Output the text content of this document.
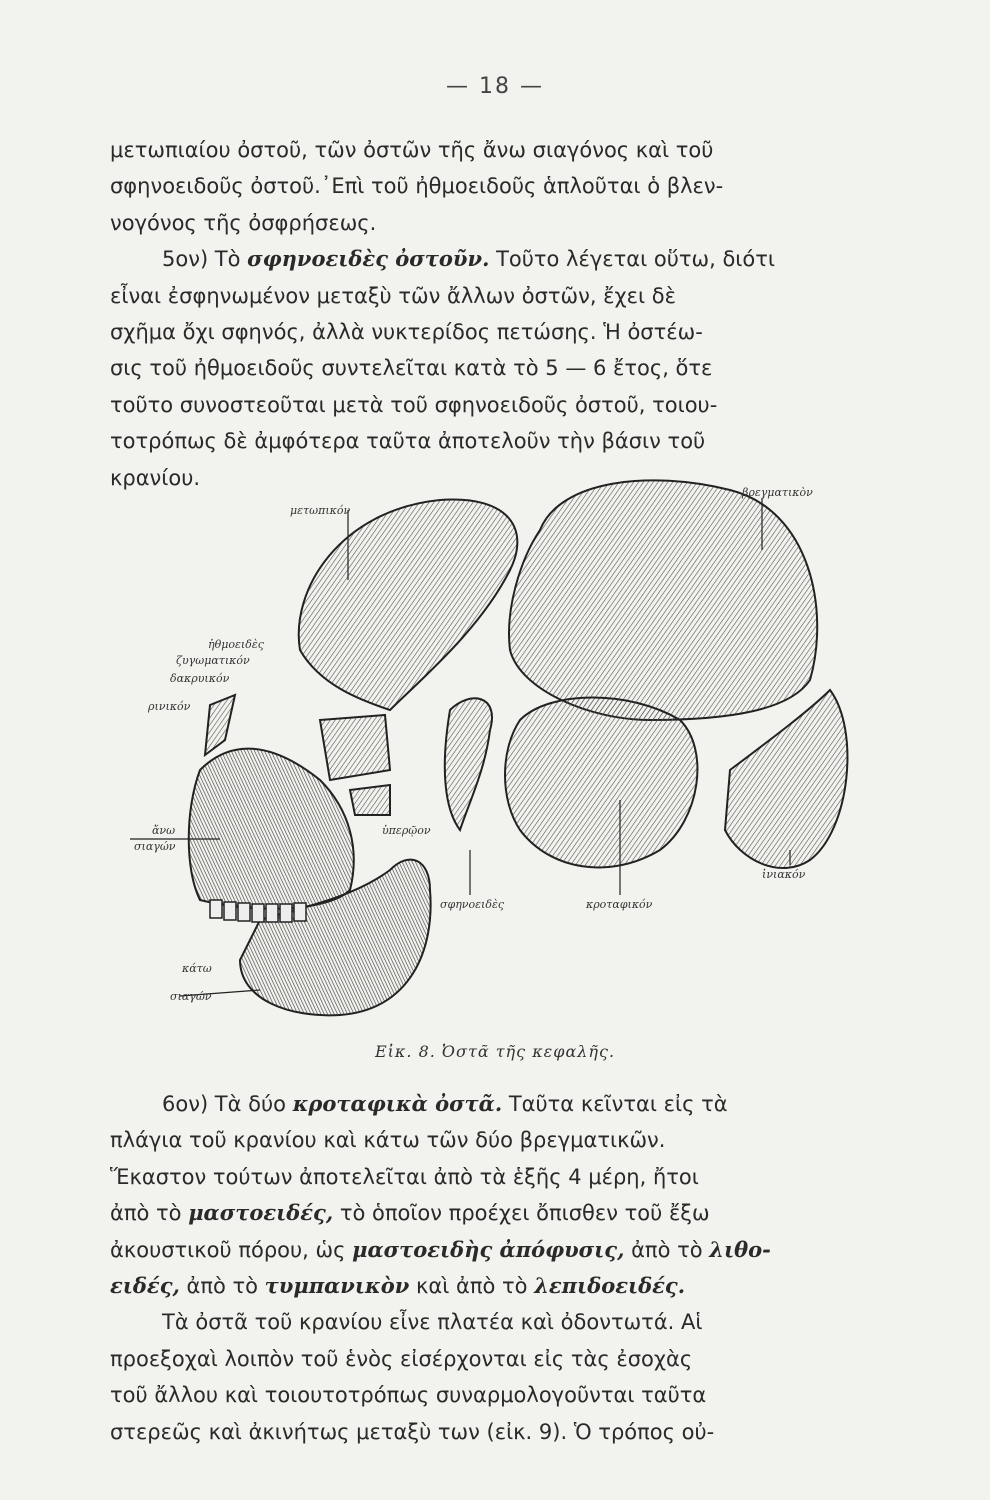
— 18 —
μετωπιαίου ὀστοῦ, τῶν ὀστῶν τῆς ἄνω σιαγόνος καὶ τοῦ
σφηνοειδοῦς ὀστοῦ.᾿Επὶ τοῦ ἠθμοειδοῦς ἁπλοῦται ὁ βλεν-
νογόνος τῆς ὀσφρήσεως.
5ον) Τὸ σφηνοειδὲς ὀστοῦν. Τοῦτο λέγεται οὕτω, διότι
εἶναι ἐσφηνωμένον μεταξὺ τῶν ἄλλων ὀστῶν, ἔχει δὲ
σχῆμα ὄχι σφηνός, ἀλλὰ νυκτερίδος πετώσης. Ἡ ὀστέω-
σις τοῦ ἠθμοειδοῦς συντελεῖται κατὰ τὸ 5 — 6 ἔτος, ὅτε
τοῦτο συνοστεοῦται μετὰ τοῦ σφηνοειδοῦς ὀστοῦ, τοιου-
τοτρόπως δὲ ἀμφότερα ταῦτα ἀποτελοῦν τὴν βάσιν τοῦ
κρανίου.
μετωπικόν
βρεγματικὸν
ἠθμοειδὲς
ζυγωματικόν
δακρυικόν
ρινικόν
ἄνω
σιαγών
ὑπερῷον
σφηνοειδὲς	κροταφικόν
ἰνιακόν
κάτω
σιαγών
Εἰκ. 8. Ὀστᾶ τῆς κεφαλῆς.
6ον) Τὰ δύο κροταφικὰ ὀστᾶ. Ταῦτα κεῖνται εἰς τὰ
πλάγια τοῦ κρανίου καὶ κάτω τῶν δύο βρεγματικῶν.
Ἕκαστον τούτων ἀποτελεῖται ἀπὸ τὰ ἑξῆς 4 μέρη, ἤτοι
ἀπὸ τὸ μαστοειδές, τὸ ὁποῖον προέχει ὄπισθεν τοῦ ἔξω
ἀκουστικοῦ πόρου, ὡς μαστοειδὴς ἀπόφυσις, ἀπὸ τὸ λιθο-
ειδές, ἀπὸ τὸ τυμπανικὸν καὶ ἀπὸ τὸ λεπιδοειδές.
Τὰ ὀστᾶ τοῦ κρανίου εἶνε πλατέα καὶ ὀδοντωτά. Αἱ
προεξοχαὶ λοιπὸν τοῦ ἑνὸς εἰσέρχονται εἰς τὰς ἐσοχὰς
τοῦ ἄλλου καὶ τοιουτοτρόπως συναρμολογοῦνται ταῦτα
στερεῶς καὶ ἀκινήτως μεταξὺ των (εἰκ. 9). Ὁ τρόπος οὐ-
